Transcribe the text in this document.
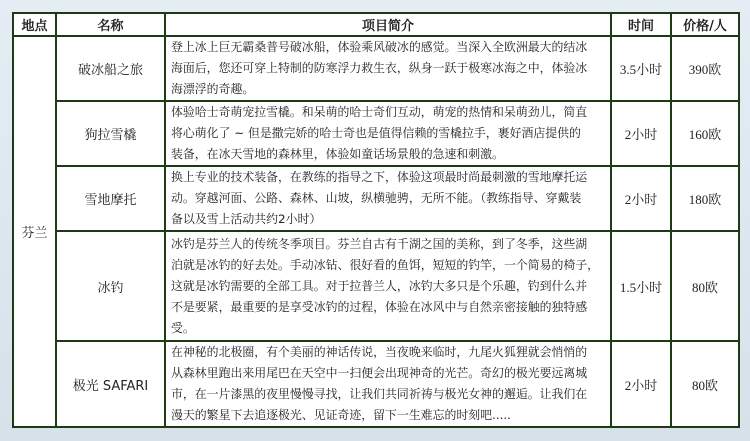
地点	名称	项目简介	时间	价格/人
芬兰	破冰船之旅	登上冰上巨无霸桑普号破冰船，体验乘风破冰的感觉。当深入全欧洲最大的结冰
海面后，您还可穿上特制的防寒浮力救生衣，纵身一跃于极寒冰海之中，体验冰
海漂浮的奇趣。	3.5小时	390欧
	狗拉雪橇	体验哈士奇萌宠拉雪橇。和呆萌的哈士奇们互动，萌宠的热情和呆萌劲儿，简直
将心萌化了 ~ 但是撒完娇的哈士奇也是值得信赖的雪橇拉手，裹好酒店提供的
装备，在冰天雪地的森林里，体验如童话场景般的急速和刺激。	2小时	160欧
	雪地摩托	换上专业的技术装备，在教练的指导之下，体验这项最时尚最刺激的雪地摩托运
动。穿越河面、公路、森林、山坡，纵横驰骋，无所不能。（教练指导、穿戴装
备以及雪上活动共约2小时）	2小时	180欧
	冰钓	冰钓是芬兰人的传统冬季项目。芬兰自古有千湖之国的美称，到了冬季，这些湖
泊就是冰钓的好去处。手动冰钻、很好看的鱼饵，短短的钓竿，一个简易的椅子，
这就是冰钓需要的全部工具。对于拉普兰人，冰钓大多只是个乐趣，钓到什么并
不是要紧，最重要的是享受冰钓的过程，体验在冰风中与自然亲密接触的独特感
受。	1.5小时	80欧
	极光 SAFARI	在神秘的北极圈，有个美丽的神话传说，当夜晚来临时，九尾火狐狸就会悄悄的
从森林里跑出来用尾巴在天空中一扫便会出现神奇的光芒。奇幻的极光要远离城
市，在一片漆黑的夜里慢慢寻找，让我们共同祈祷与极光女神的邂逅。让我们在
漫天的繁星下去追逐极光、见证奇迹，留下一生难忘的时刻吧.....	2小时	80欧
